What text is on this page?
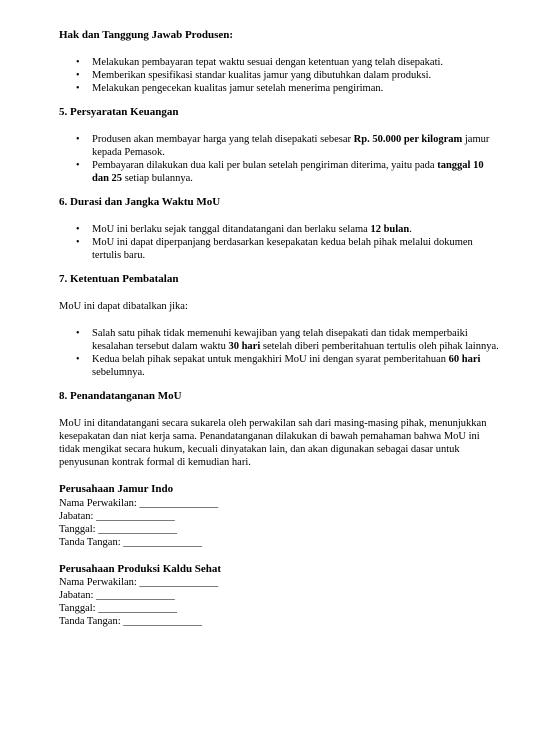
Hak dan Tanggung Jawab Produsen:
• Melakukan pembayaran tepat waktu sesuai dengan ketentuan yang telah disepakati.
• Memberikan spesifikasi standar kualitas jamur yang dibutuhkan dalam produksi.
• Melakukan pengecekan kualitas jamur setelah menerima pengiriman.
5. Persyaratan Keuangan
• Produsen akan membayar harga yang telah disepakati sebesar Rp. 50.000 per kilogram jamur kepada Pemasok.
• Pembayaran dilakukan dua kali per bulan setelah pengiriman diterima, yaitu pada tanggal 10 dan 25 setiap bulannya.
6. Durasi dan Jangka Waktu MoU
• MoU ini berlaku sejak tanggal ditandatangani dan berlaku selama 12 bulan.
• MoU ini dapat diperpanjang berdasarkan kesepakatan kedua belah pihak melalui dokumen tertulis baru.
7. Ketentuan Pembatalan

MoU ini dapat dibatalkan jika:

• Salah satu pihak tidak memenuhi kewajiban yang telah disepakati dan tidak memperbaiki kesalahan tersebut dalam waktu 30 hari setelah diberi pemberitahuan tertulis oleh pihak lainnya.
• Kedua belah pihak sepakat untuk mengakhiri MoU ini dengan syarat pemberitahuan 60 hari sebelumnya.
8. Penandatanganan MoU

MoU ini ditandatangani secara sukarela oleh perwakilan sah dari masing-masing pihak, menunjukkan kesepakatan dan niat kerja sama. Penandatanganan dilakukan di bawah pemahaman bahwa MoU ini tidak mengikat secara hukum, kecuali dinyatakan lain, dan akan digunakan sebagai dasar untuk penyusunan kontrak formal di kemudian hari.

Perusahaan Jamur Indo
Nama Perwakilan: _______________
Jabatan: _______________
Tanggal: _______________
Tanda Tangan: _______________
Perusahaan Produksi Kaldu Sehat
Nama Perwakilan: _______________
Jabatan: _______________
Tanggal: _______________
Tanda Tangan: _______________
